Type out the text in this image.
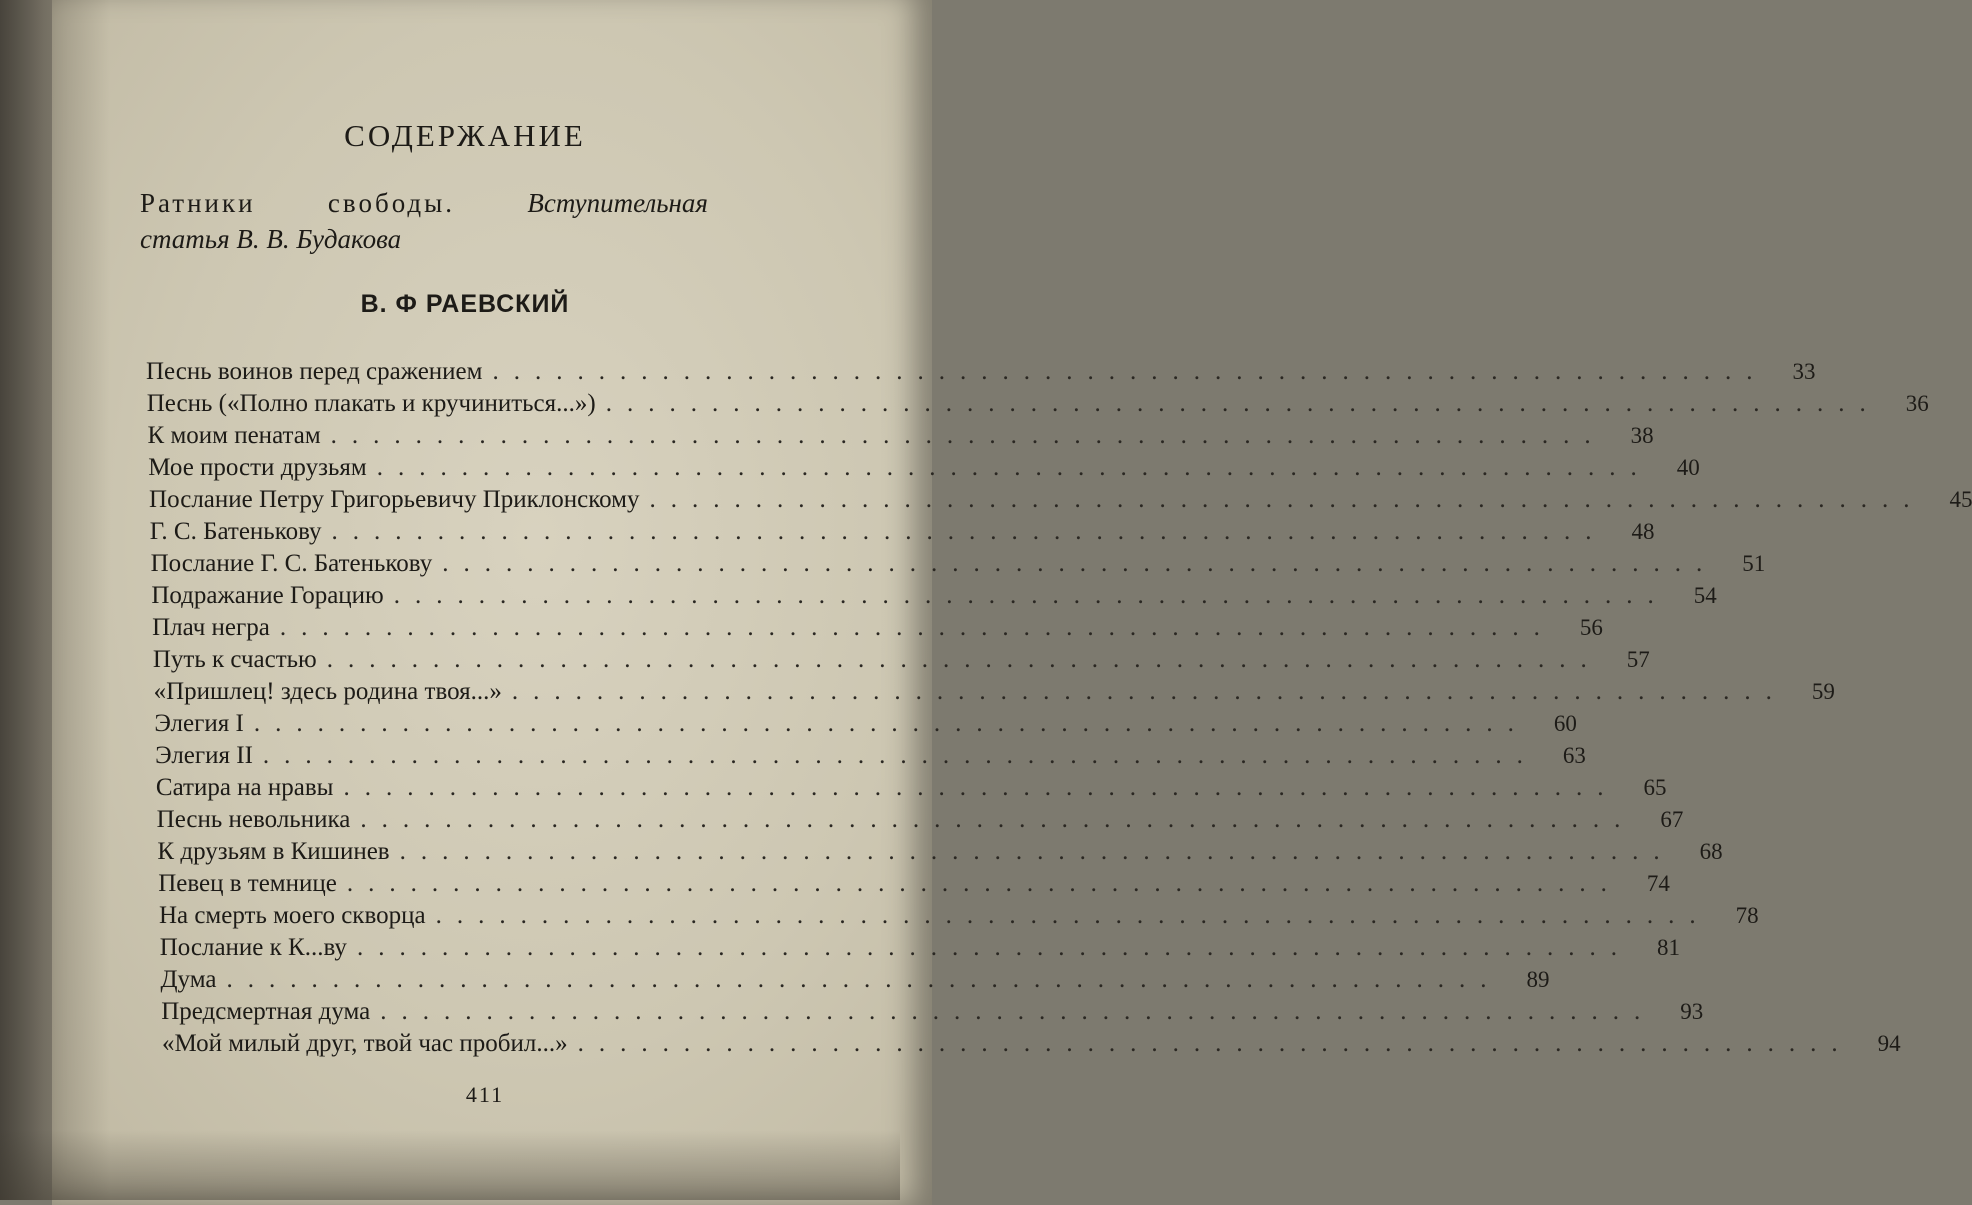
СОДЕРЖАНИЕ
Ратники	свободы.	Вступительная
статья В. В. Будакова
В. Ф РАЕВСКИЙ
Песнь воинов перед сражением ............................................................	33
Песнь («Полно плакать и кручиниться...») ............................................................	36
К моим пенатам ............................................................	38
Мое прости друзьям ............................................................	40
Послание Петру Григорьевичу Приклонскому ............................................................	45
Г. С. Батенькову ............................................................	48
Послание Г. С. Батенькову ............................................................	51
Подражание Горацию ............................................................	54
Плач негра ............................................................	56
Путь к счастью ............................................................	57
«Пришлец! здесь родина твоя...» ............................................................	59
Элегия I ............................................................	60
Элегия II ............................................................	63
Сатира на нравы ............................................................	65
Песнь невольника ............................................................	67
К друзьям в Кишинев ............................................................	68
Певец в темнице ............................................................	74
На смерть моего скворца ............................................................	78
Послание к К...ву ............................................................	81
Дума ............................................................	89
Предсмертная дума ............................................................	93
«Мой милый друг, твой час пробил...» ............................................................	94
411
